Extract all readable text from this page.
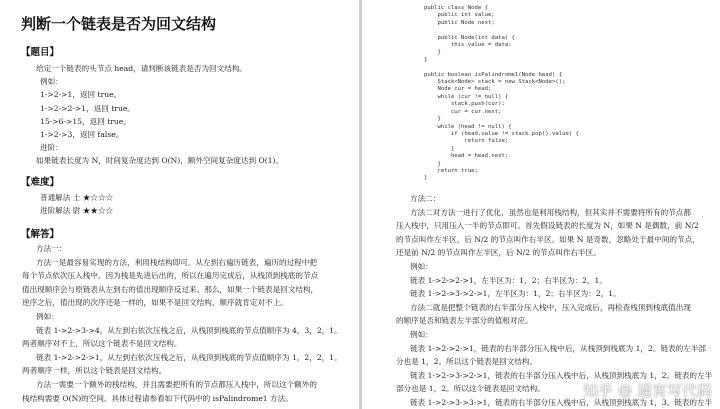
判断一个链表是否为回文结构
【题目】
给定一个链表的头节点 head，请判断该链表是否为回文结构。
例如：
1->2->1，返回 true。
1->2->2->1，返回 true。
15->6->15，返回 true。
1->2->3，返回 false。
进阶：
如果链表长度为 N，时间复杂度达到 O(N)，额外空间复杂度达到 O(1)。
【难度】
普通解法 士 ★☆☆☆
进阶解法 尉 ★★☆☆
【解答】
方法一：
方法一是最容易实现的方法，利用栈结构即可。从左到右遍历链表，遍历的过程中把
每个节点依次压入栈中。因为栈是先进后出的，所以在遍历完成后，从栈顶到栈底的节点
值出现顺序会与原链表从左到右的值出现顺序反过来。那么，如果一个链表是回文结构，
逆序之后，值出现的次序还是一样的，如果不是回文结构，顺序就肯定对不上。
例如：
链表 1->2->3->4，从左到右依次压栈之后，从栈顶到栈底的节点值顺序为 4，3，2，1。
两者顺序对不上，所以这个链表不是回文结构。
链表 1->2->2->1，从左到右依次压栈之后，从栈顶到栈底的节点值顺序为 1，2，2，1。
两者顺序一样，所以这个链表是回文结构。
方法一需要一个额外的栈结构，并且需要把所有的节点都压入栈中，所以这个额外的
栈结构需要 O(N)的空间。具体过程请参看如下代码中的 isPalindrome1 方法。
public class Node {
public int value;
public Node next;

public Node(int data) {
this.value = data;
}
}

public boolean isPalindrome1(Node head) {
Stack<Node> stack = new Stack<Node>();
Node cur = head;
while (cur != null) {
stack.push(cur);
cur = cur.next;
}
while (head != null) {
if (head.value != stack.pop().value) {
return false;
}
head = head.next;
}
return true;
}
方法二：
方法二对方法一进行了优化，虽然也是利用栈结构，但其实并不需要将所有的节点都
压入栈中，只用压入一半的节点即可。首先假设链表的长度为 N，如果 N 是偶数，前 N/2
的节点叫作左半区，后 N/2 的节点叫作右半区。如果 N 是奇数，忽略处于最中间的节点，
还是前 N/2 的节点叫作左半区，后 N/2 的节点叫作右半区。
例如：
链表 1->2->2->1，左半区为：1，2；右半区为：2，1。
链表 1->2->3->2->1，左半区为：1，2；右半区为：2，1。
方法二就是把整个链表的右半部分压入栈中，压入完成后，再检查栈顶到栈底值出现
的顺序是否和链表左半部分的值相对应。
例如：
链表 1->2->2->1，链表的右半部分压入栈中后，从栈顶到栈底为 1，2。链表的左半部
分也是 1，2。所以这个链表是回文结构。
链表 1->2->3->2->1，链表的右半部分压入栈中后，从栈顶到栈底为 1，2。链表的左半
部分也是 1，2。所以这个链表是回文结构。
链表 1->2->3->3->1，链表的右半部分压入栈中后，从栈顶到栈底为 1，3。链表的左半
知乎 @ 通宵写代码
